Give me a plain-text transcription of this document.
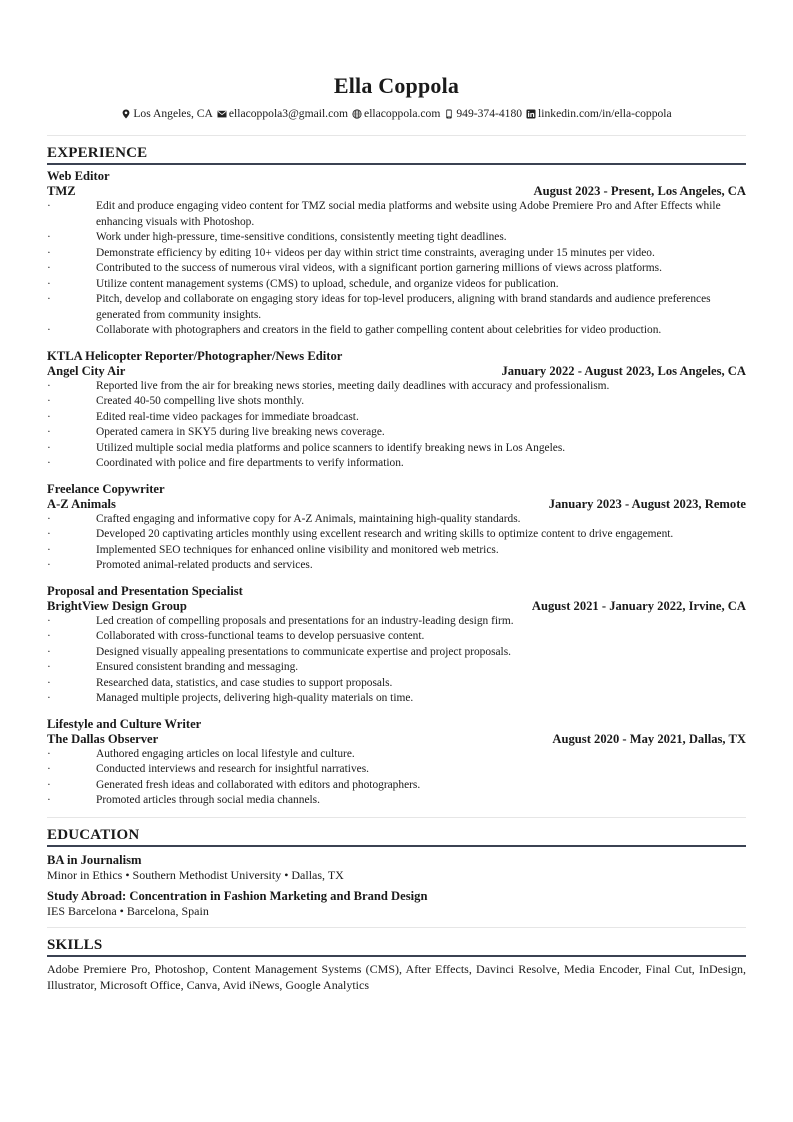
Ella Coppola
Los Angeles, CA ellacoppola3@gmail.com ellacoppola.com 949-374-4180 linkedin.com/in/ella-coppola
EXPERIENCE
Web Editor
TMZ	August 2023 - Present, Los Angeles, CA
·	Edit and produce engaging video content for TMZ social media platforms and website using Adobe Premiere Pro and After Effects while enhancing visuals with Photoshop.
·	Work under high-pressure, time-sensitive conditions, consistently meeting tight deadlines.
·	Demonstrate efficiency by editing 10+ videos per day within strict time constraints, averaging under 15 minutes per video.
·	Contributed to the success of numerous viral videos, with a significant portion garnering millions of views across platforms.
·	Utilize content management systems (CMS) to upload, schedule, and organize videos for publication.
·	Pitch, develop and collaborate on engaging story ideas for top-level producers, aligning with brand standards and audience preferences generated from community insights.
·	Collaborate with photographers and creators in the field to gather compelling content about celebrities for video production.
KTLA Helicopter Reporter/Photographer/News Editor
Angel City Air	January 2022 - August 2023, Los Angeles, CA
·	Reported live from the air for breaking news stories, meeting daily deadlines with accuracy and professionalism.
·	Created 40-50 compelling live shots monthly.
·	Edited real-time video packages for immediate broadcast.
·	Operated camera in SKY5 during live breaking news coverage.
·	Utilized multiple social media platforms and police scanners to identify breaking news in Los Angeles.
·	Coordinated with police and fire departments to verify information.
Freelance Copywriter
A-Z Animals	January 2023 - August 2023, Remote
·	Crafted engaging and informative copy for A-Z Animals, maintaining high-quality standards.
·	Developed 20 captivating articles monthly using excellent research and writing skills to optimize content to drive engagement.
·	Implemented SEO techniques for enhanced online visibility and monitored web metrics.
·	Promoted animal-related products and services.
Proposal and Presentation Specialist
BrightView Design Group	August 2021 - January 2022, Irvine, CA
·	Led creation of compelling proposals and presentations for an industry-leading design firm.
·	Collaborated with cross-functional teams to develop persuasive content.
·	Designed visually appealing presentations to communicate expertise and project proposals.
·	Ensured consistent branding and messaging.
·	Researched data, statistics, and case studies to support proposals.
·	Managed multiple projects, delivering high-quality materials on time.
Lifestyle and Culture Writer
The Dallas Observer	August 2020 - May 2021, Dallas, TX
·	Authored engaging articles on local lifestyle and culture.
·	Conducted interviews and research for insightful narratives.
·	Generated fresh ideas and collaborated with editors and photographers.
·	Promoted articles through social media channels.
EDUCATION
BA in Journalism
Minor in Ethics • Southern Methodist University • Dallas, TX
Study Abroad: Concentration in Fashion Marketing and Brand Design
IES Barcelona • Barcelona, Spain
SKILLS
Adobe Premiere Pro, Photoshop, Content Management Systems (CMS), After Effects, Davinci Resolve, Media Encoder, Final Cut, InDesign, Illustrator, Microsoft Office, Canva, Avid iNews, Google Analytics
